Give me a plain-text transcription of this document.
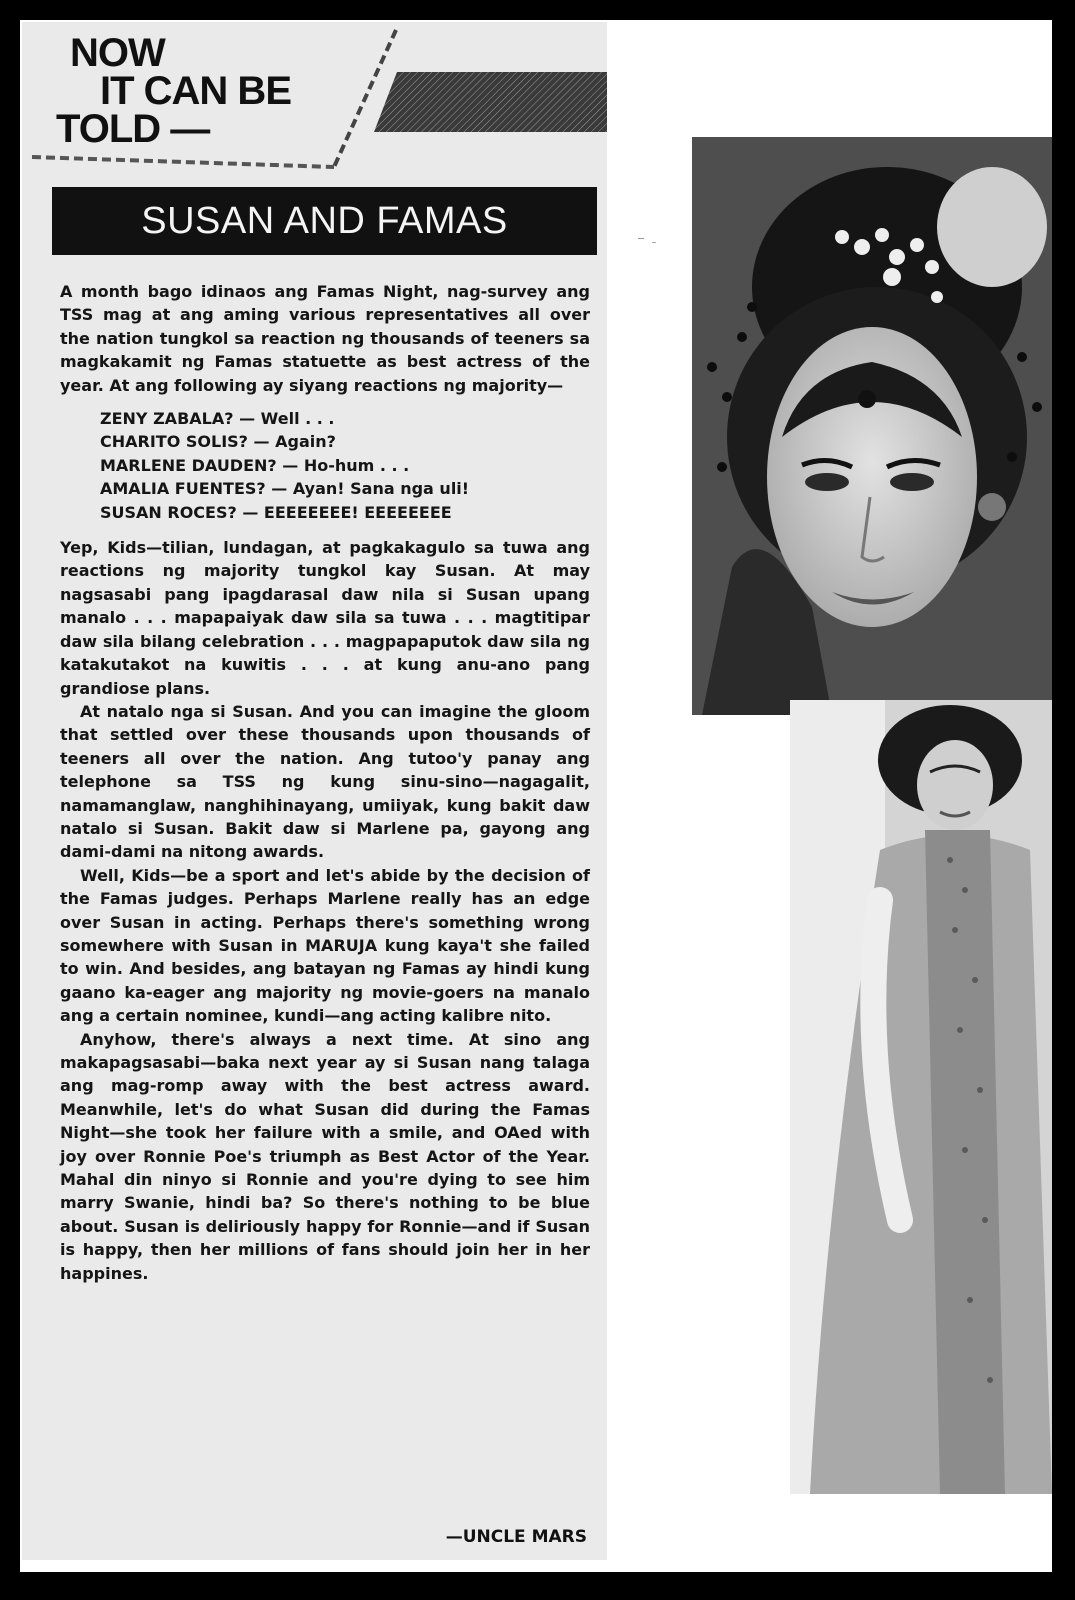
NOW
IT CAN BE
TOLD —
SUSAN AND FAMAS

A month bago idinaos ang Famas Night, nag-survey ang TSS mag at ang aming various representatives all over the nation tungkol sa reaction ng thousands of teeners sa magkakamit ng Famas statuette as best actress of the year. At ang following ay siyang reactions ng majority—

ZENY ZABALA? — Well . . .
CHARITO SOLIS? — Again?
MARLENE DAUDEN? — Ho-hum . . .
AMALIA FUENTES? — Ayan! Sana nga uli!
SUSAN ROCES? — EEEEEEEE! EEEEEEEE

Yep, Kids—tilian, lundagan, at pagkakagulo sa tuwa ang reactions ng majority tungkol kay Susan. At may nagsasabi pang ipagdarasal daw nila si Susan upang manalo . . . mapapaiyak daw sila sa tuwa . . . magtitipar daw sila bilang celebration . . . magpapaputok daw sila ng katakutakot na kuwitis . . . at kung anu-ano pang grandiose plans.

At natalo nga si Susan. And you can imagine the gloom that settled over these thousands upon thousands of teeners all over the nation. Ang tutoo'y panay ang telephone sa TSS ng kung sinu-sino—nagagalit, namamanglaw, nanghihinayang, umiiyak, kung bakit daw natalo si Susan. Bakit daw si Marlene pa, gayong ang dami-dami na nitong awards.

Well, Kids—be a sport and let's abide by the decision of the Famas judges. Perhaps Marlene really has an edge over Susan in acting. Perhaps there's something wrong somewhere with Susan in MARUJA kung kaya't she failed to win. And besides, ang batayan ng Famas ay hindi kung gaano ka-eager ang majority ng movie-goers na manalo ang a certain nominee, kundi—ang acting kalibre nito.

Anyhow, there's always a next time. At sino ang makapagsasabi—baka next year ay si Susan nang talaga ang mag-romp away with the best actress award. Meanwhile, let's do what Susan did during the Famas Night—she took her failure with a smile, and OAed with joy over Ronnie Poe's triumph as Best Actor of the Year. Mahal din ninyo si Ronnie and you're dying to see him marry Swanie, hindi ba? So there's nothing to be blue about. Susan is deliriously happy for Ronnie—and if Susan is happy, then her millions of fans should join her in her happines.

—UNCLE MARS
